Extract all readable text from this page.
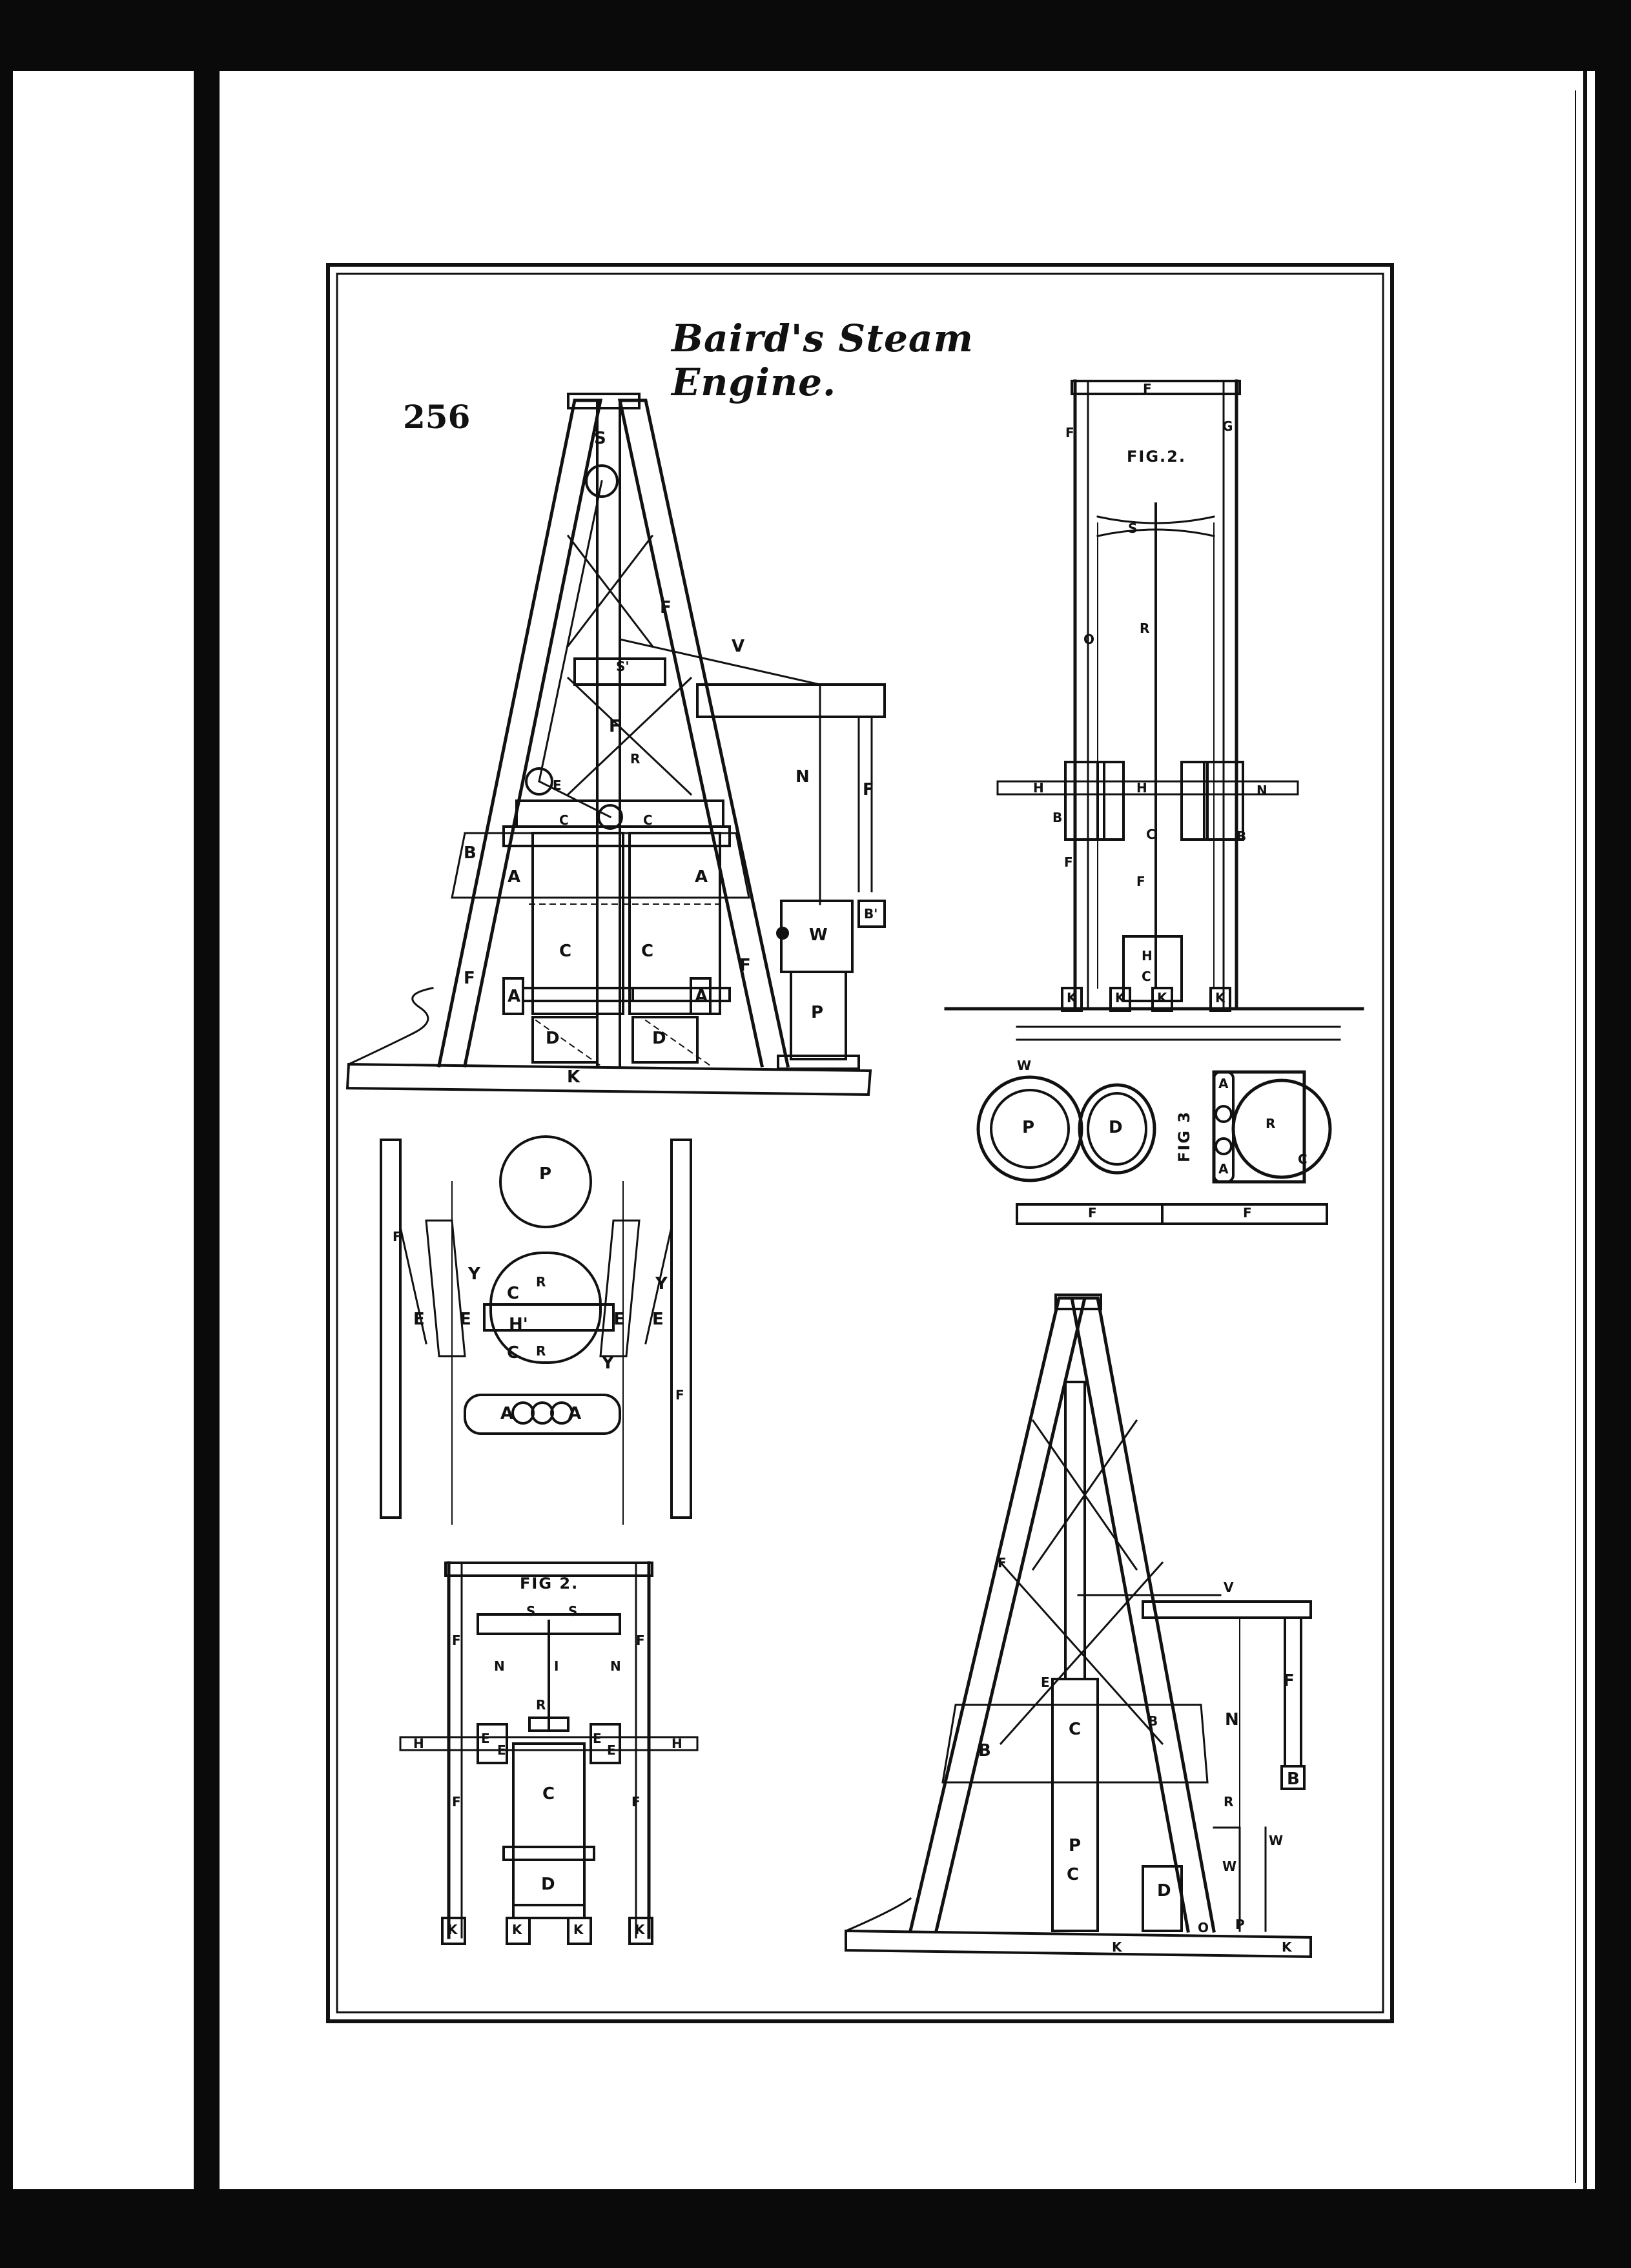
Baird's Steam Engine.
256
S
F
V
S'
F
R
E
C	C
B
A	A
C	C
A	A
F
F
N
F
W
B'
P
D	D
K
FIG.2.
F
G
F
S
R
O
H	H	N
B
B
F
F
C
H
C
K	K K	K
FIG 3
W
P	D
A
A
R
C
F	F
P
F
Y
C
R	Y
E E H'	E E
C R
Y
A	A
F
FIG 2.
S	S
F
N	I	N
F
R
E
E
E
E
H	H
C
F	F
D
K	K	K	K
V
F
E
C
B
B
F
N
B
R
W
P
C	W
D
O P
K	K
